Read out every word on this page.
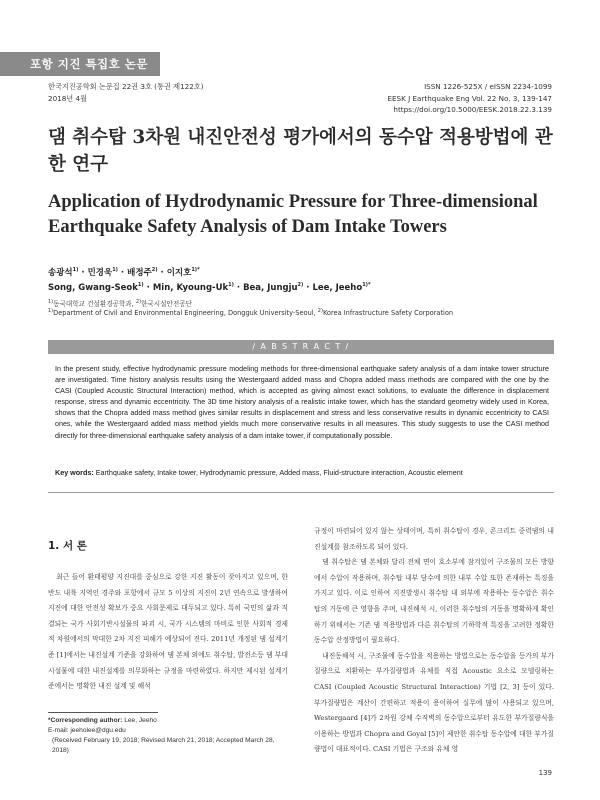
포항 지진 특집호 논문
한국지진공학회 논문집 22권 3호 (통권 제122호)
2018년 4월
ISSN 1226-525X / eISSN 2234-1099
EESK J Earthquake Eng Vol. 22 No. 3, 139-147
https://doi.org/10.5000/EESK.2018.22.3.139
댐 취수탑 3차원 내진안전성 평가에서의 동수압 적용방법에 관한 연구
Application of Hydrodynamic Pressure for Three-dimensional Earthquake Safety Analysis of Dam Intake Towers
송광석$^{1)}$ · 민경욱$^{1)}$ · 배정주$^{2)}$ · 이지호$^{1)*}$
Song, Gwang-Seok$^{1)}$ · Min, Kyoung-$Uk^{1)}$ · Bea, Jungju$^{2)}$ · Lee, Jeeho$^{1)*}$
$^{1)}$동국대학교 건설환경공학과, $^{2)}$한국시설안전공단
$^{1)}$Department of Civil and Environmental Engineering, Dongguk University-Seoul, $^{2)}$Korea Infrastructure Safety Corporation
/ A B S T R A C T /

In the present study, effective hydrodynamic pressure modeling methods for three-dimensional earthquake safety analysis of a dam intake tower structure are investigated. Time history analysis results using the Westergaard added mass and Chopra added mass methods are compared with the one by the CASI (Coupled Acoustic Structural Interaction) method, which is accepted as giving almost exact solutions, to evaluate the difference in displacement response, stress and dynamic eccentricity. The 3D time history analysis of a realistic intake tower, which has the standard geometry widely used in Korea, shows that the Chopra added mass method gives similar results in displacement and stress and less conservative results in dynamic eccentricity to CASI ones, while the Westergaard added mass method yields much more conservative results in all measures. This study suggests to use the CASI method directly for three-dimensional earthquake safety analysis of a dam intake tower, if computationally possible.

Key words: Earthquake safety, Intake tower, Hydrodynamic pressure, Added mass, Fluid-structure interaction, Acoustic element
1. 서 론

최근 들어 환태평양 지진대를 중심으로 강한 지진 활동이 잦아지고 있으며, 한반도 내륙 지역인 경주와 포항에서 규모 5 이상의 지진이 2년 연속으로 발생하여 지진에 대한 안전성 확보가 중요 사회문제로 대두되고 있다. 특히 국민의 삶과 직결되는 국가 사회기반시설물의 파괴 시, 국가 시스템의 마비로 인한 사회적 경제적 차원에서의 막대한 2차 지진 피해가 예상되어 진다. 2011년 개정된 댐 설계기준 [1]에서는 내진설계 기준을 강화하여 댐 본체 외에도 취수탑, 발전소등 댐 부대시설물에 대한 내진설계를 의무화하는 규정을 마련하였다. 하지만 제시된 설계기준에서는 명확한 내진 설계 및 해석

규정이 마련되어 있지 않는 상태이며, 특히 취수탑이 경우, 콘크리트 중력댐의 내진설계를 참조하도록 되어 있다.

댐 취수탑은 댐 본체와 달리 전체 면이 호소부에 잠겨있어 구조물의 모든 방향에서 수압이 작용하며, 취수탑 내부 담수에 의한 내부 수압 또한 존재하는 특징을 가지고 있다. 이로 인하여 지진발생시 취수탑 내 외부에 작용하는 동수압은 취수탑의 거동에 큰 영향을 주며, 내진해석 시, 이러한 취수탑의 거동을 명확하게 확인하기 위해서는 기존 댐 적용방법과 다른 취수탑의 기하학적 특징을 고려한 정확한 동수압 산정방법이 필요하다.

내진동해석 시, 구조물에 동수압을 적용하는 방법으로는 동수압을 등가의 부가질량으로 치환하는 부가질량법과 유체를 직접 Acoustic 요소로 모델링하는 CASI (Coupled Acoustic Structural Interaction) 기법 [2, 3] 등이 있다. 부가질량법은 계산이 간편하고 적용이 용이하여 실무에 많이 사용되고 있으며, Westergaard [4]가 2차원 강체 수직벽의 동수압으로부터 유도한 부가질량식을 이용하는 방법과 Chopra and Goyal [5]이 제안한 취수탑 동수압에 대한 부가질량법이 대표적이다. CASI 기법은 구조와 유체 영

*Corresponding author: Lee, Jeeho
E-mail: jeeholee@dgu.edu
(Received February 19, 2018; Revised March 21, 2018; Accepted March 28, 2018)
139
